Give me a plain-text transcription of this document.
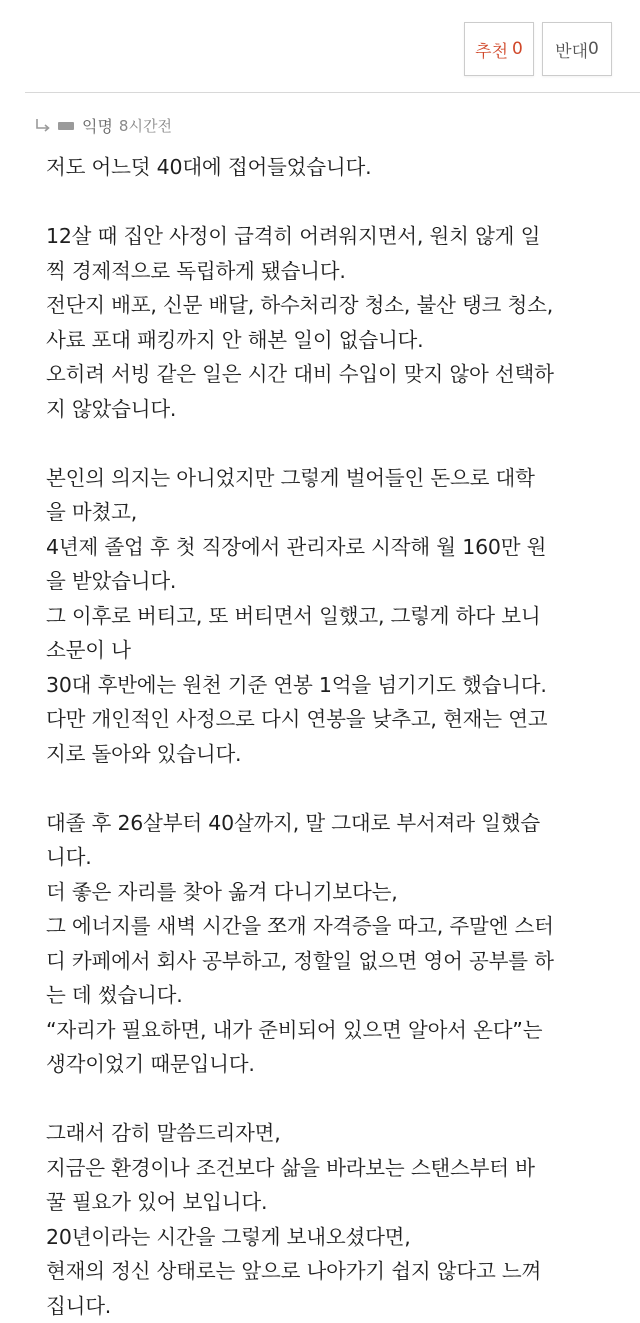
추천 0 반대 0
익명 8시간전

저도 어느덧 40대에 접어들었습니다.

12살 때 집안 사정이 급격히 어려워지면서, 원치 않게 일

찍 경제적으로 독립하게 됐습니다.

전단지 배포, 신문 배달, 하수처리장 청소, 불산 탱크 청소,

사료 포대 패킹까지 안 해본 일이 없습니다.

오히려 서빙 같은 일은 시간 대비 수입이 맞지 않아 선택하

지 않았습니다.

본인의 의지는 아니었지만 그렇게 벌어들인 돈으로 대학

을 마쳤고,

4년제 졸업 후 첫 직장에서 관리자로 시작해 월 160만 원

을 받았습니다.

그 이후로 버티고, 또 버티면서 일했고, 그렇게 하다 보니

소문이 나

30대 후반에는 원천 기준 연봉 1억을 넘기기도 했습니다.

다만 개인적인 사정으로 다시 연봉을 낮추고, 현재는 연고

지로 돌아와 있습니다.

대졸 후 26살부터 40살까지, 말 그대로 부서져라 일했습

니다.

더 좋은 자리를 찾아 옮겨 다니기보다는,

그 에너지를 새벽 시간을 쪼개 자격증을 따고, 주말엔 스터

디 카페에서 회사 공부하고, 정할일 없으면 영어 공부를 하

는 데 썼습니다.

“자리가 필요하면, 내가 준비되어 있으면 알아서 온다”는

생각이었기 때문입니다.

그래서 감히 말씀드리자면,

지금은 환경이나 조건보다 삶을 바라보는 스탠스부터 바

꿀 필요가 있어 보입니다.

20년이라는 시간을 그렇게 보내오셨다면,

현재의 정신 상태로는 앞으로 나아가기 쉽지 않다고 느껴

집니다.
